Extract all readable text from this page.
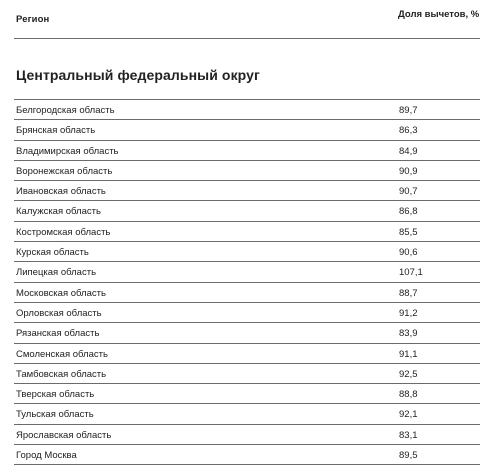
Регион	Доля вычетов, %
Центральный федеральный округ
Белгородская область	89,7
Брянская область	86,3
Владимирская область	84,9
Воронежская область	90,9
Ивановская область	90,7
Калужская область	86,8
Костромская область	85,5
Курская область	90,6
Липецкая область	107,1
Московская область	88,7
Орловская область	91,2
Рязанская область	83,9
Смоленская область	91,1
Тамбовская область	92,5
Тверская область	88,8
Тульская область	92,1
Ярославская область	83,1
Город Москва	89,5
